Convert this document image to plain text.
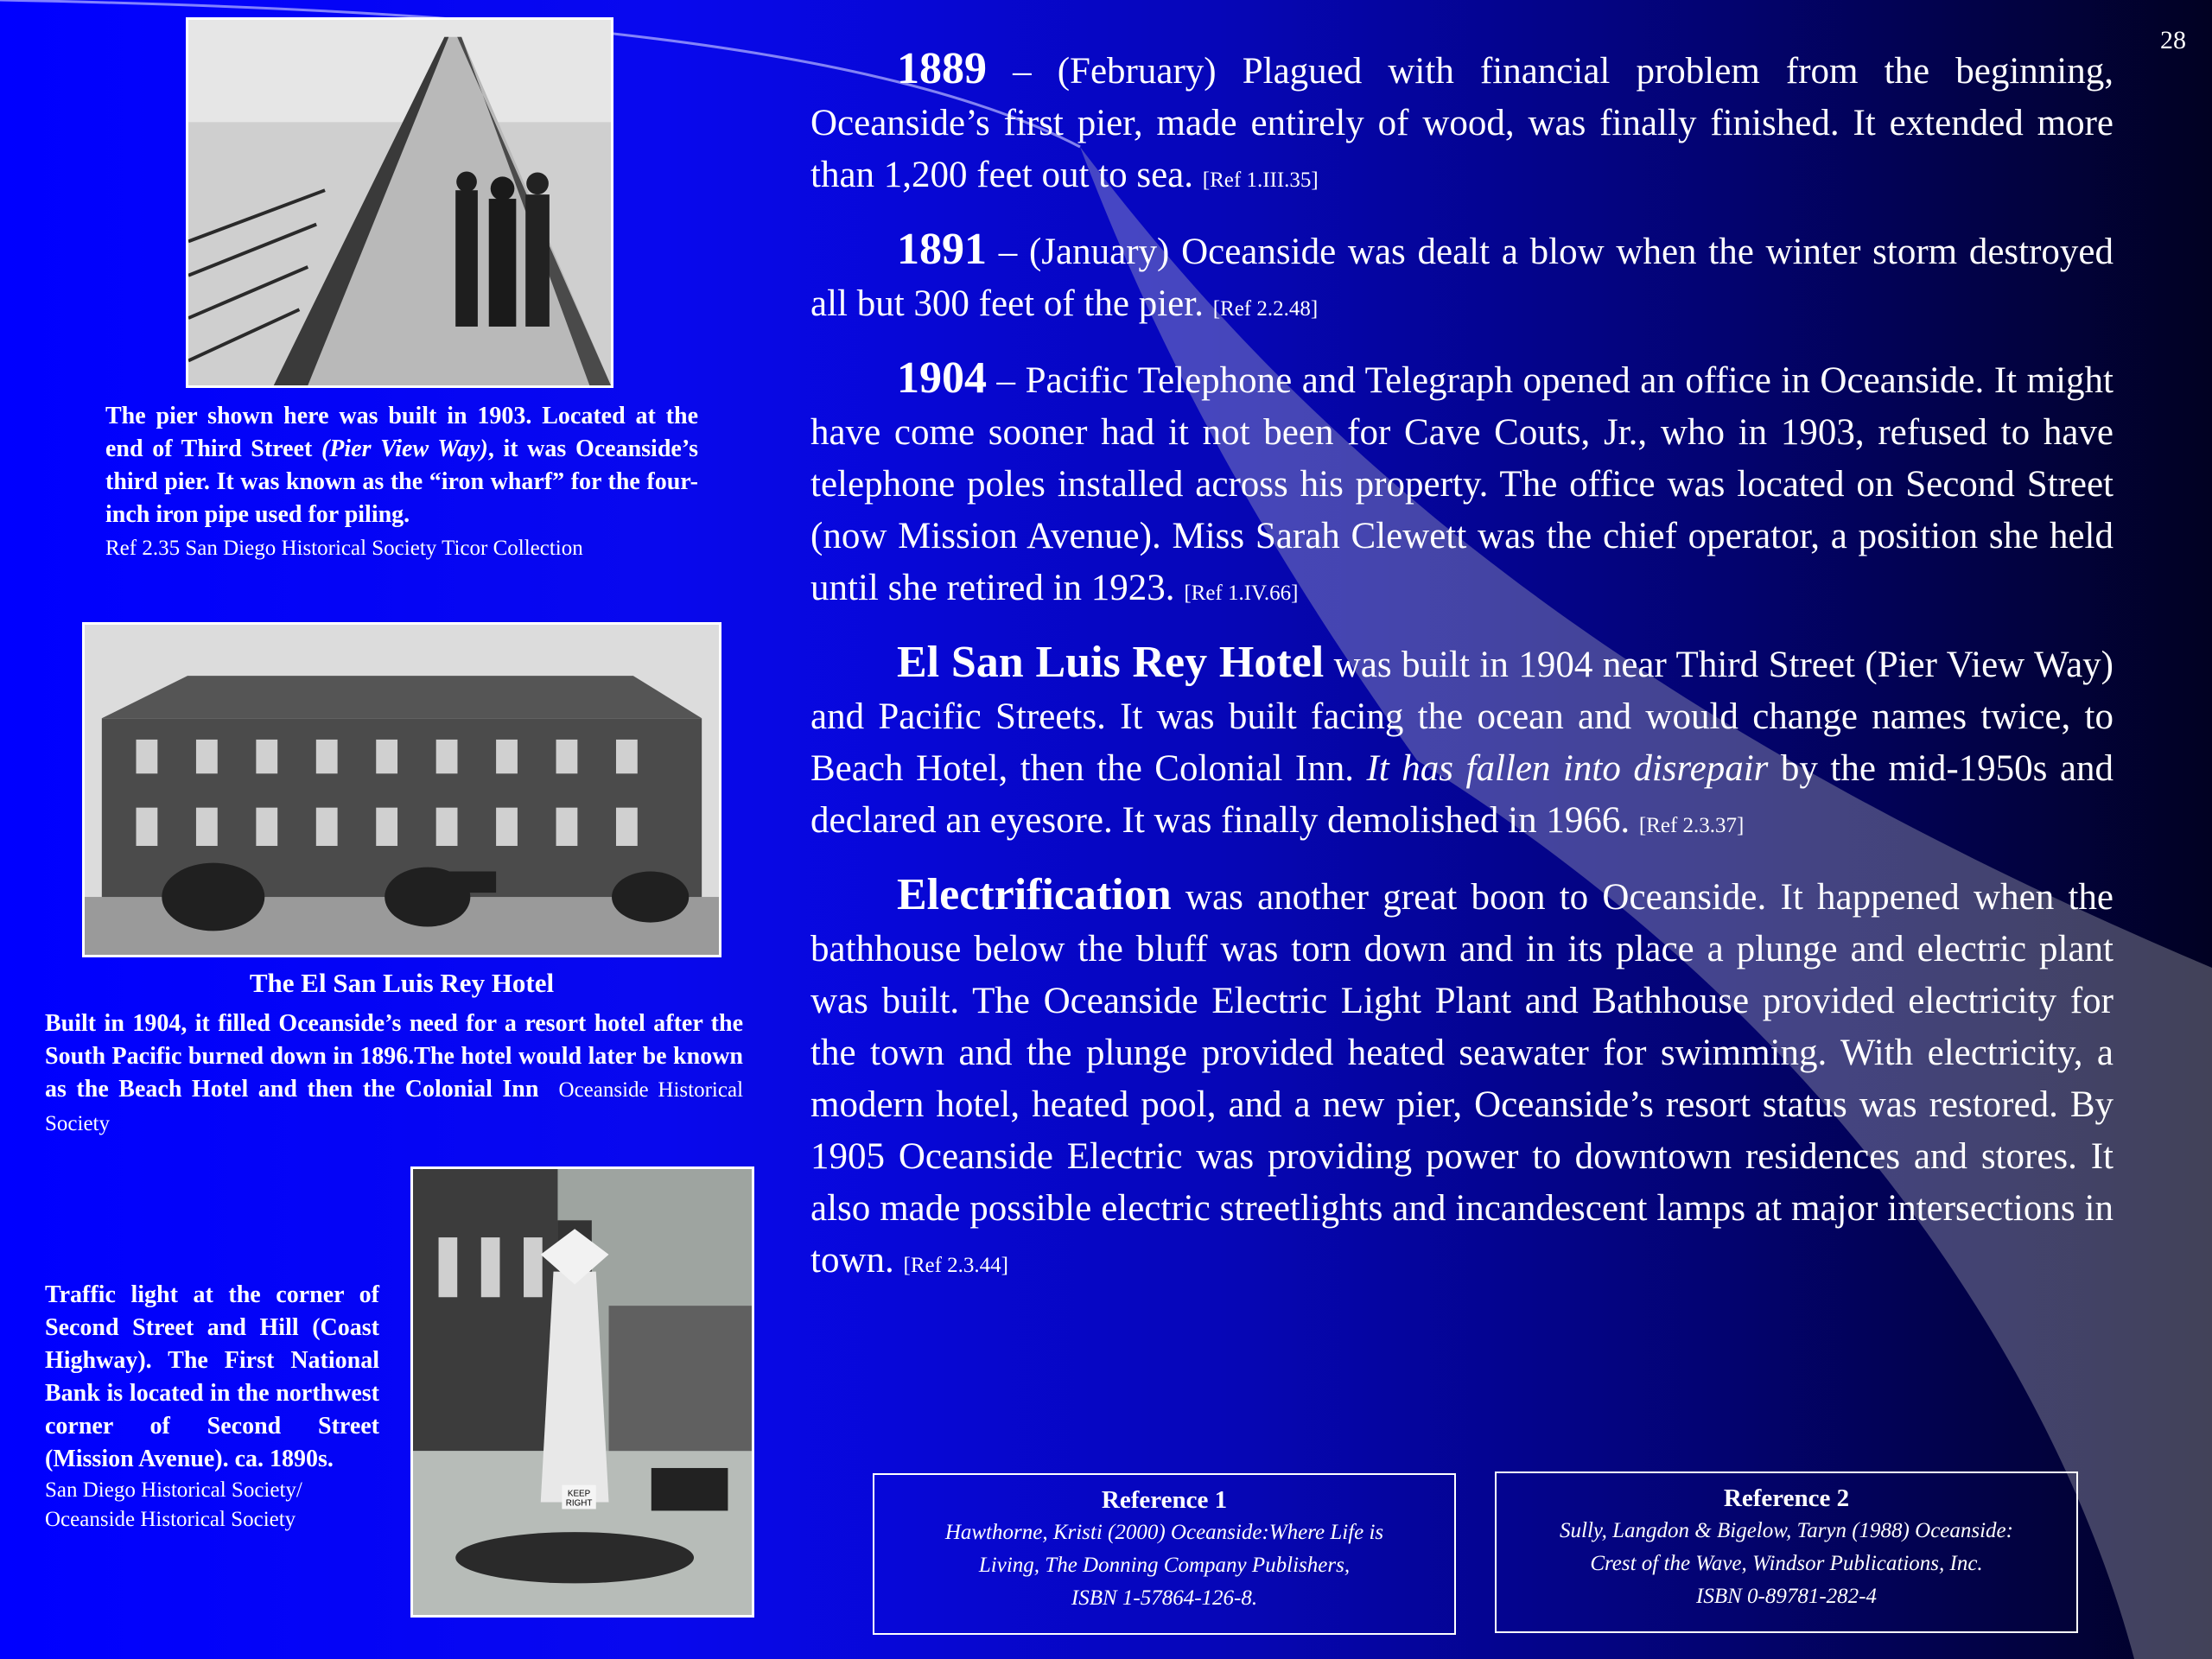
28
The pier shown here was built in 1903. Located at the end of Third Street (Pier View Way), it was Oceanside’s third pier. It was known as the “iron wharf” for the four-inch iron pipe used for piling.
Ref 2.35 San Diego Historical Society Ticor Collection
The El San Luis Rey Hotel
Built in 1904, it filled Oceanside’s need for a resort hotel after the South Pacific burned down in 1896.The hotel would later be known as the Beach Hotel and then the Colonial Inn Oceanside Historical Society
KEEP
RIGHT
Traffic light at the corner of Second Street and Hill (Coast Highway). The First National Bank is located in the northwest corner of Second Street (Mission Avenue). ca. 1890s.
San Diego Historical Society/
Oceanside Historical Society

1889 – (February) Plagued with financial problem from the beginning, Oceanside’s first pier, made entirely of wood, was finally finished. It extended more than 1,200 feet out to sea. [Ref 1.III.35]

1891 – (January) Oceanside was dealt a blow when the winter storm destroyed all but 300 feet of the pier. [Ref 2.2.48]

1904 – Pacific Telephone and Telegraph opened an office in Oceanside. It might have come sooner had it not been for Cave Couts, Jr., who in 1903, refused to have telephone poles installed across his property. The office was located on Second Street (now Mission Avenue). Miss Sarah Clewett was the chief operator, a position she held until she retired in 1923. [Ref 1.IV.66]

El San Luis Rey Hotel was built in 1904 near Third Street (Pier View Way) and Pacific Streets. It was built facing the ocean and would change names twice, to Beach Hotel, then the Colonial Inn. It has fallen into disrepair by the mid-1950s and declared an eyesore. It was finally demolished in 1966. [Ref 2.3.37]

Electrification was another great boon to Oceanside. It happened when the bathhouse below the bluff was torn down and in its place a plunge and electric plant was built. The Oceanside Electric Light Plant and Bathhouse provided electricity for the town and the plunge provided heated seawater for swimming. With electricity, a modern hotel, heated pool, and a new pier, Oceanside’s resort status was restored. By 1905 Oceanside Electric was providing power to downtown residences and stores. It also made possible electric streetlights and incandescent lamps at major intersections in town. [Ref 2.3.44]

Reference 1
Hawthorne, Kristi (2000) Oceanside:Where Life is
Living, The Donning Company Publishers,
ISBN 1-57864-126-8.
Reference 2
Sully, Langdon & Bigelow, Taryn (1988) Oceanside:
Crest of the Wave, Windsor Publications, Inc.
ISBN 0-89781-282-4
